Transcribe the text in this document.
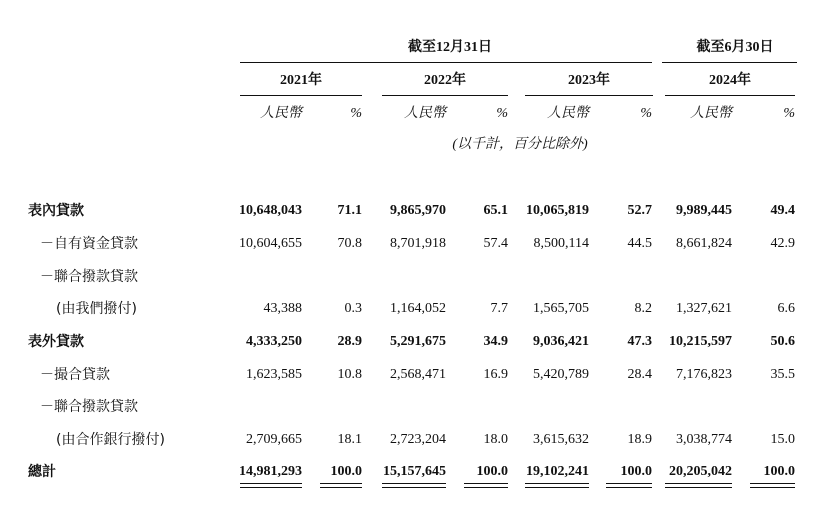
截至12月31日	截至6月30日
2021年	2022年	2023年	2024年
人民幣	%	人民幣	%	人民幣	%	人民幣	%
(以千計，百分比除外)
表內貸款	10,648,043	71.1	9,865,970	65.1	10,065,819	52.7	9,989,445	49.4
－自有資金貸款	10,604,655	70.8	8,701,918	57.4	8,500,114	44.5	8,661,824	42.9
－聯合撥款貸款
(由我們撥付)	43,388	0.3	1,164,052	7.7	1,565,705	8.2	1,327,621	6.6
表外貸款	4,333,250	28.9	5,291,675	34.9	9,036,421	47.3	10,215,597	50.6
－撮合貸款	1,623,585	10.8	2,568,471	16.9	5,420,789	28.4	7,176,823	35.5
－聯合撥款貸款
(由合作銀行撥付)	2,709,665	18.1	2,723,204	18.0	3,615,632	18.9	3,038,774	15.0
總計	14,981,293	100.0	15,157,645	100.0	19,102,241	100.0	20,205,042	100.0
